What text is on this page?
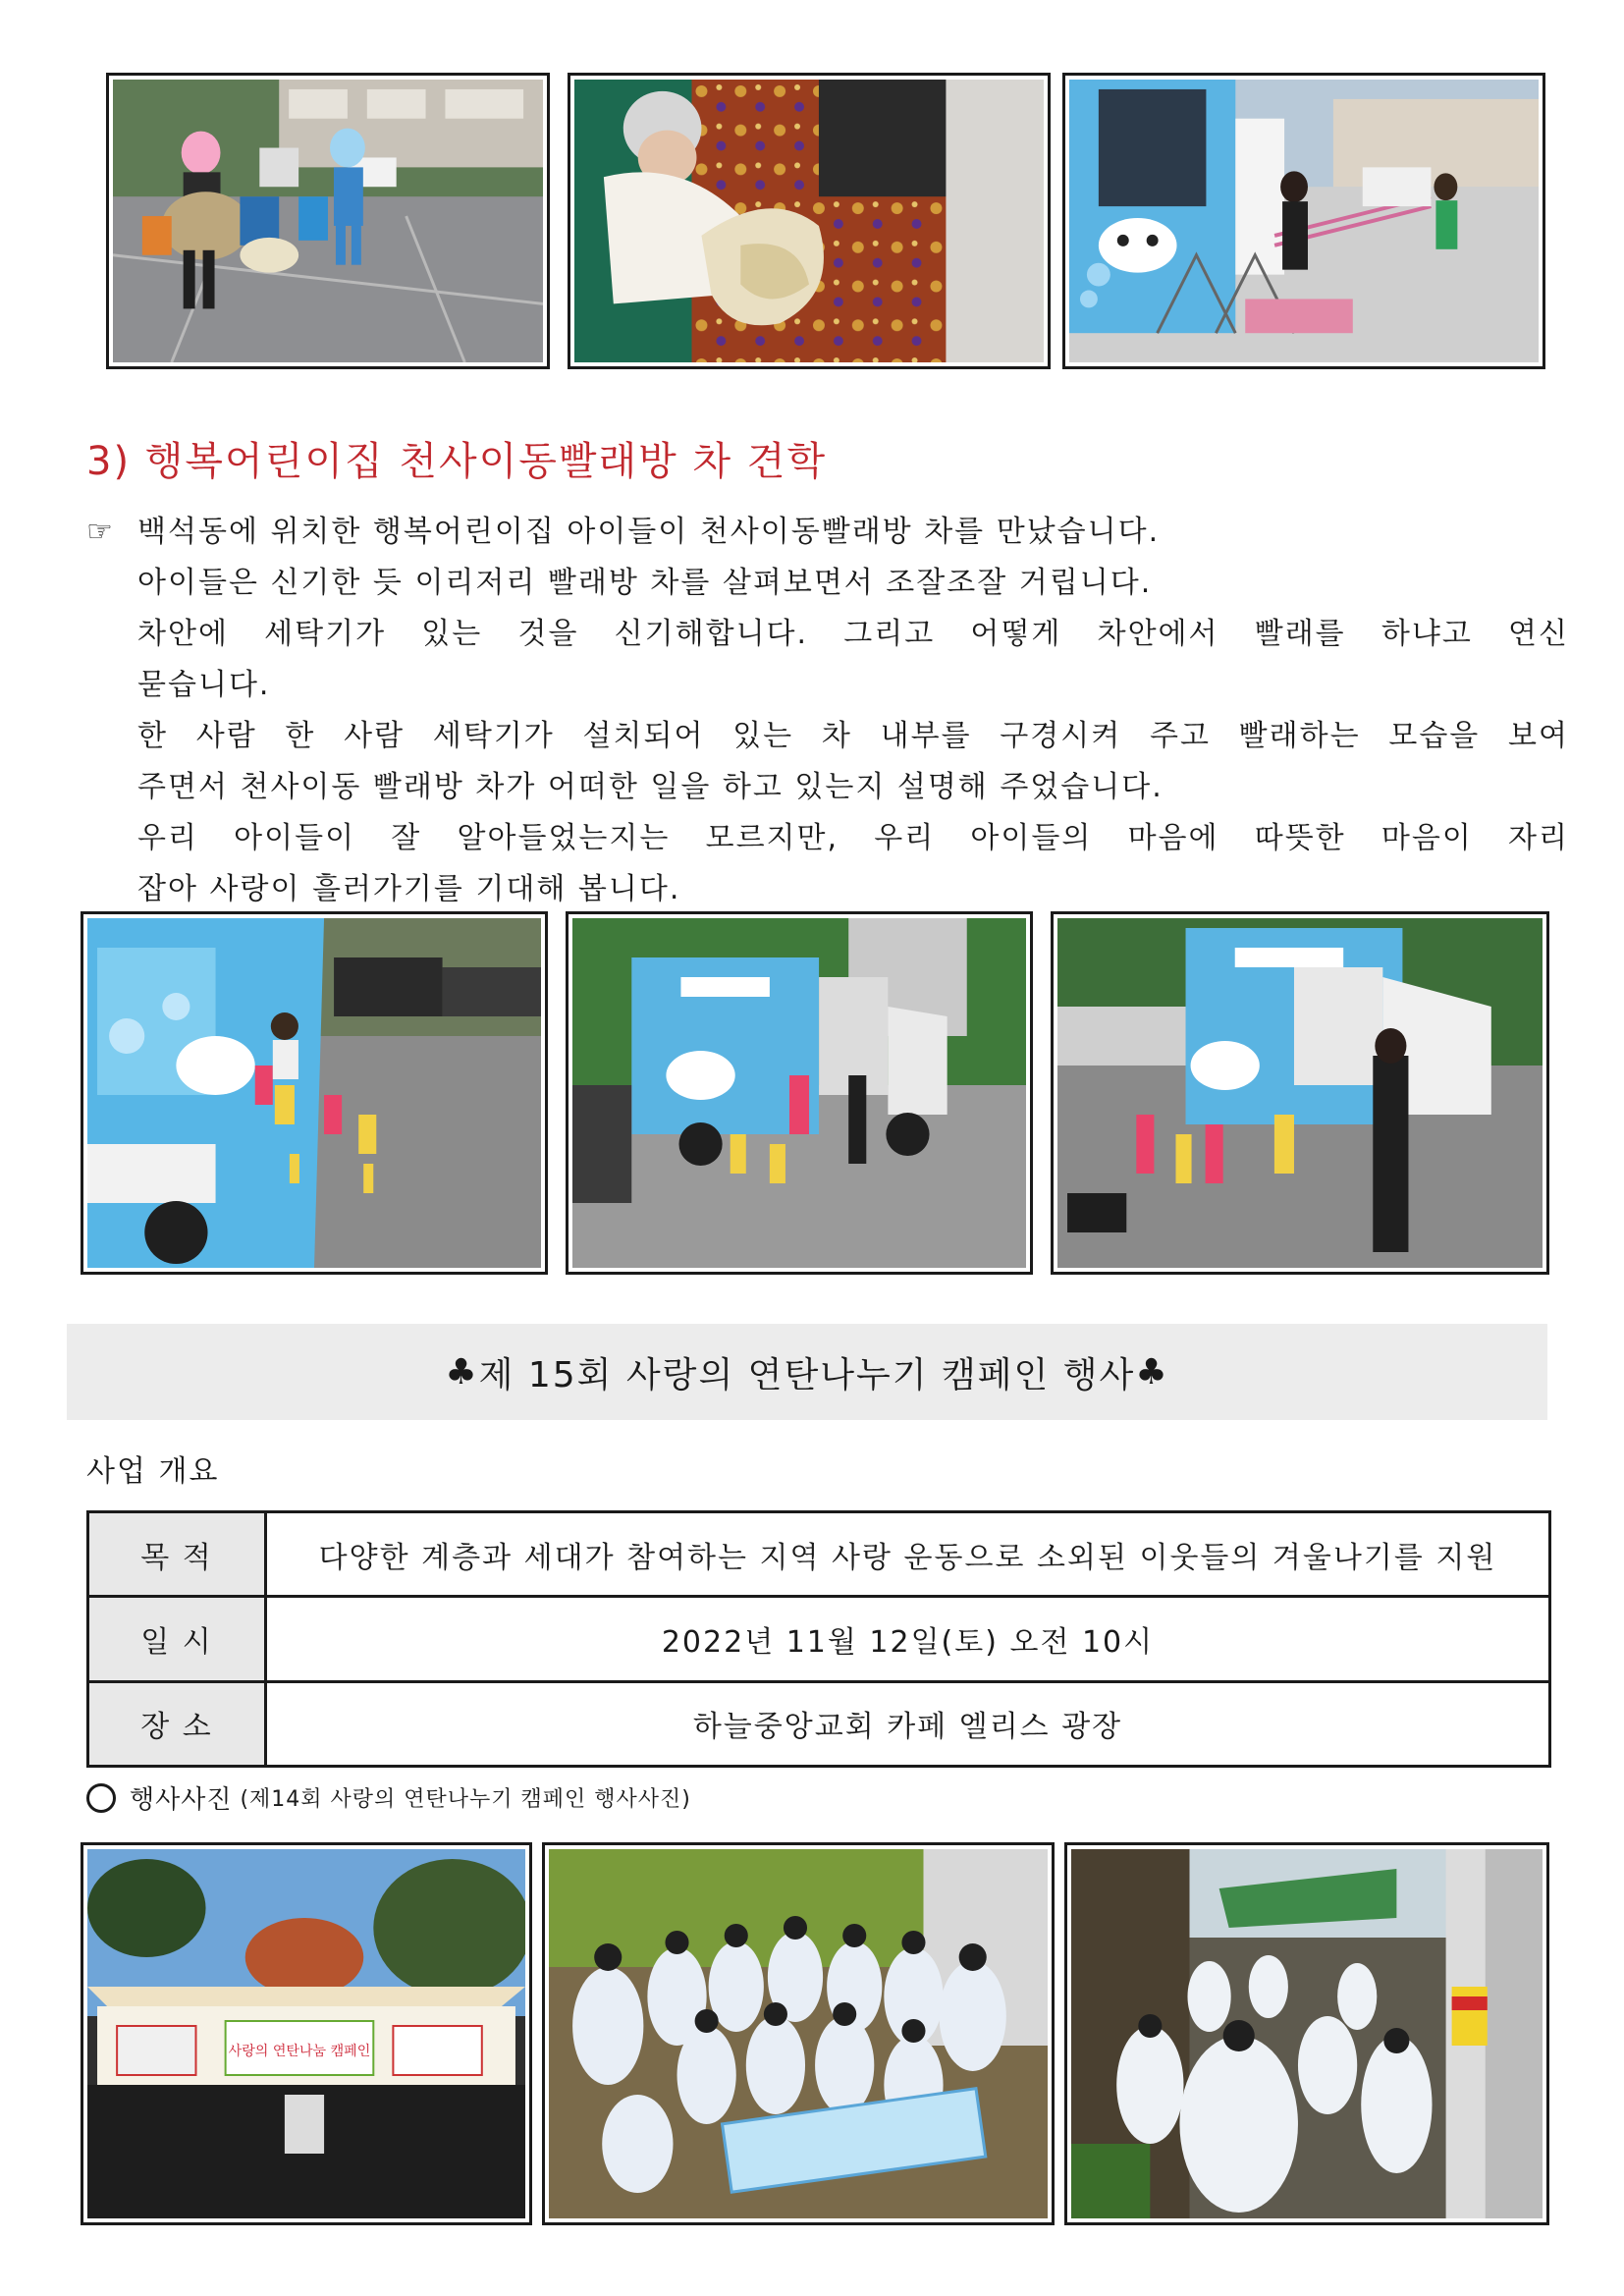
3) 행복어린이집 천사이동빨래방 차 견학
☞ 백석동에 위치한 행복어린이집 아이들이 천사이동빨래방 차를 만났습니다.
아이들은 신기한 듯 이리저리 빨래방 차를 살펴보면서 조잘조잘 거립니다.
차안에 세탁기가 있는 것을 신기해합니다. 그리고 어떻게 차안에서 빨래를 하냐고 연신
묻습니다.
한 사람 한 사람 세탁기가 설치되어 있는 차 내부를 구경시켜 주고 빨래하는 모습을 보여
주면서 천사이동 빨래방 차가 어떠한 일을 하고 있는지 설명해 주었습니다.
우리 아이들이 잘 알아들었는지는 모르지만, 우리 아이들의 마음에 따뜻한 마음이 자리
잡아 사랑이 흘러가기를 기대해 봅니다.
♣ 제 15회 사랑의 연탄나누기 캠페인 행사 ♣
사업 개요
목 적	다양한 계층과 세대가 참여하는 지역 사랑 운동으로 소외된 이웃들의 겨울나기를 지원
일 시	2022년 11월 12일(토) 오전 10시
장 소	하늘중앙교회 카페 엘리스 광장
행사사진 (제14회 사랑의 연탄나누기 캠페인 행사사진)
사랑의 연탄나눔 캠페인
